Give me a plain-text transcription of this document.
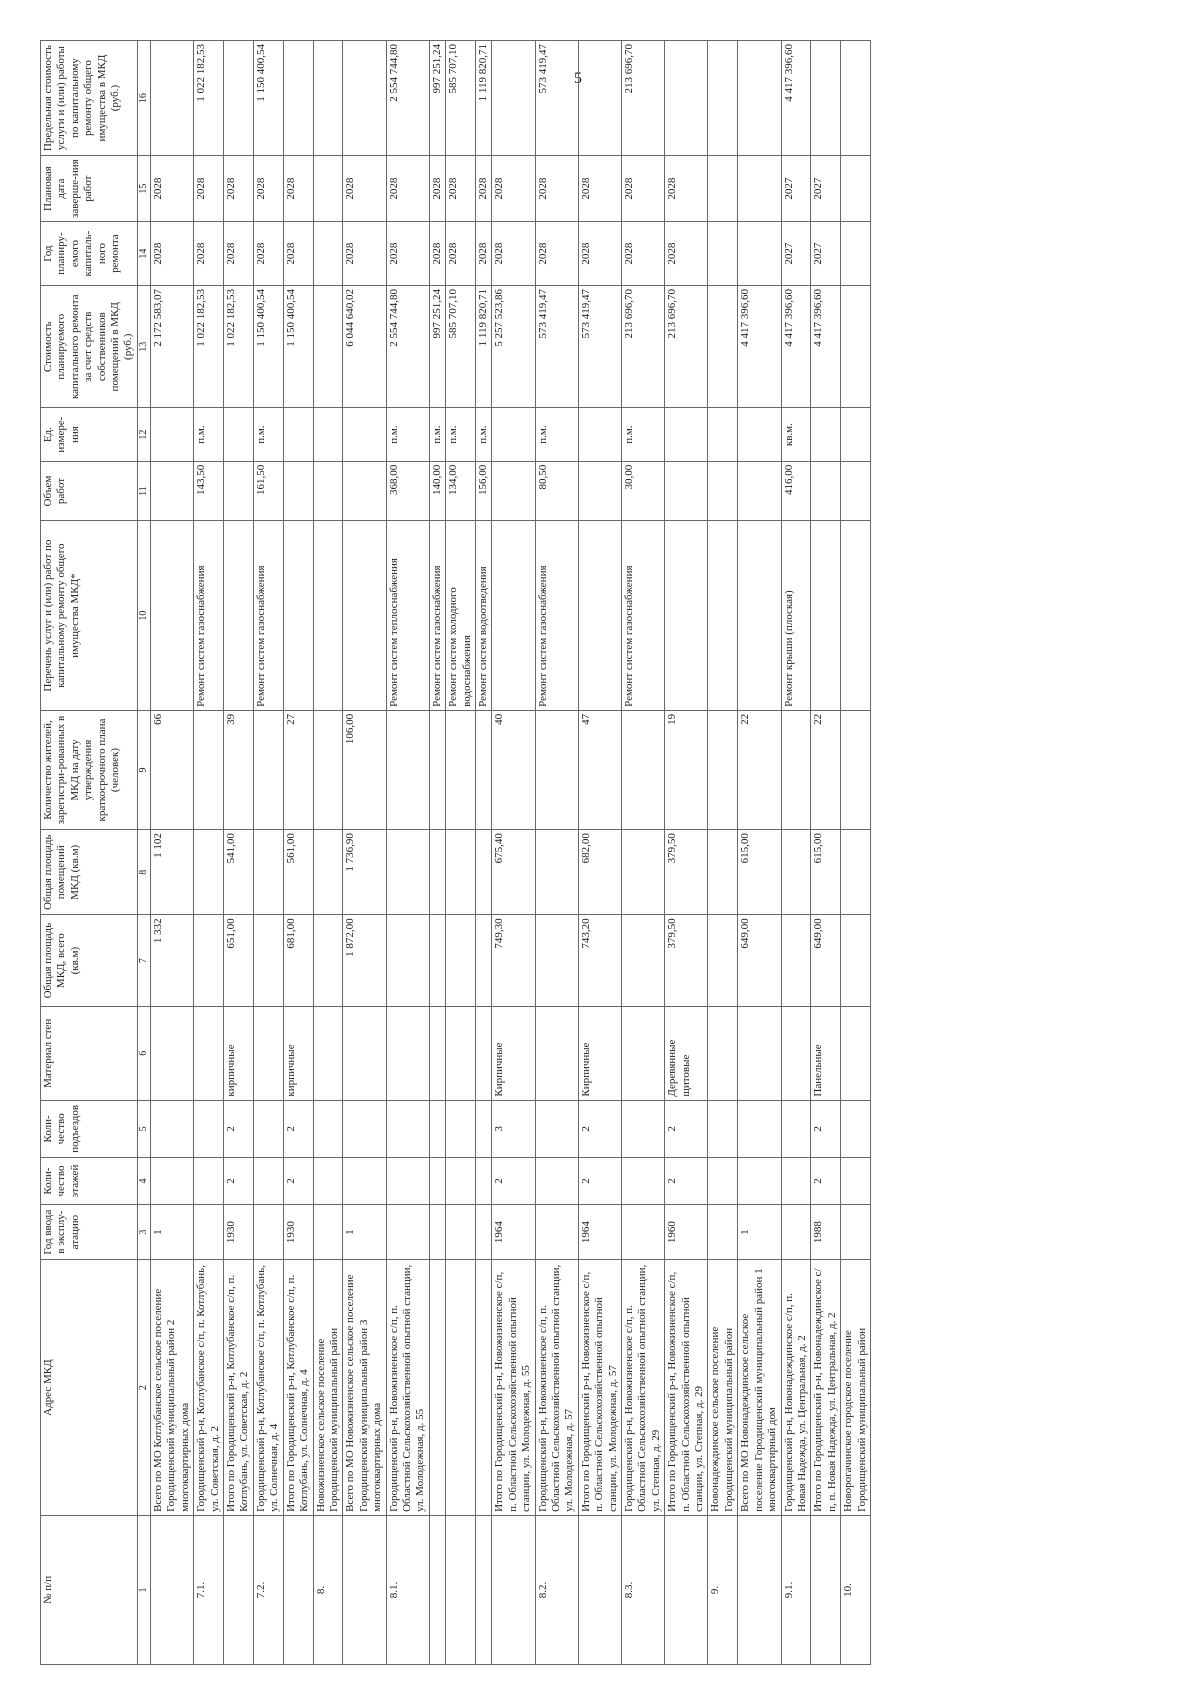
5
№ п/п	Адрес МКД	Год ввода в эксплу-атацию	Коли-чество этажей	Коли-чество подъездов	Материал стен	Общая площадь МКД, всего (кв.м)	Общая площадь помещений МКД (кв.м)	Количество жителей, зарегистри-рованных в МКД на дату утверждения краткосрочного плана (человек)	Перечень услуг и (или) работ по капитальному ремонту общего имущества МКД*	Объем работ	Ед. измере-ния	Стоимость планируемого капитального ремонта за счет средств собственников помещений в МКД (руб.)	Год планиру-емого капиталь-ного ремонта	Плановая дата заверше-ния работ	Предельная стоимость услуги и (или) работы по капитальному ремонту общего имущества в МКД (руб.)
1	2	3	4	5	6	7	8	9	10	11	12	13	14	15	16
	Всего по МО Котлубанское сельское поселение Городищенский муниципальный район 2 многоквартирных дома	1				1 332	1 102	66				2 172 583,07	2028	2028	
7.1.	Городищенский р-н, Котлубанское с/п, п. Котлубань, ул. Советская, д. 2								Ремонт систем газоснабжения	143,50	п.м.	1 022 182,53	2028	2028	1 022 182,53
	Итого по Городищенский р-н, Котлубанское с/п, п. Котлубань, ул. Советская, д. 2	1930	2	2	кирпичные	651,00	541,00	39				1 022 182,53	2028	2028	
7.2.	Городищенский р-н, Котлубанское с/п, п. Котлубань, ул. Солнечная, д. 4								Ремонт систем газоснабжения	161,50	п.м.	1 150 400,54	2028	2028	1 150 400,54
	Итого по Городищенский р-н, Котлубанское с/п, п. Котлубань, ул. Солнечная, д. 4	1930	2	2	кирпичные	681,00	561,00	27				1 150 400,54	2028	2028	
8.	Новожизненское сельское поселение Городищенский муниципальный район														
	Всего по МО Новожизненское сельское поселение Городищенский муниципальный район 3 многоквартирных дома	1				1 872,00	1 736,90	106,00				6 044 640,02	2028	2028	
8.1.	Городищенский р-н, Новожизненское с/п, п. Областной Сельскохозяйственной опытной станции, ул. Молодежная, д. 55								Ремонт систем теплоснабжения	368,00	п.м.	2 554 744,80	2028	2028	2 554 744,80
									Ремонт систем газоснабжения	140,00	п.м.	997 251,24	2028	2028	997 251,24
									Ремонт систем холодного водоснабжения	134,00	п.м.	585 707,10	2028	2028	585 707,10
									Ремонт систем водоотведения	156,00	п.м.	1 119 820,71	2028	2028	1 119 820,71
	Итого по Городищенский р-н, Новожизненское с/п, п. Областной Сельскохозяйственной опытной станции, ул. Молодежная, д. 55	1964	2	3	Кирпичные	749,30	675,40	40				5 257 523,86	2028	2028	
8.2.	Городищенский р-н, Новожизненское с/п, п. Областной Сельскохозяйственной опытной станции, ул. Молодежная, д. 57								Ремонт систем газоснабжения	80,50	п.м.	573 419,47	2028	2028	573 419,47
	Итого по Городищенский р-н, Новожизненское с/п, п. Областной Сельскохозяйственной опытной станции, ул. Молодежная, д. 57	1964	2	2	Кирпичные	743,20	682,00	47				573 419,47	2028	2028	
8.3.	Городищенский р-н, Новожизненское с/п, п. Областной Сельскохозяйственной опытной станции, ул. Степная, д. 29								Ремонт систем газоснабжения	30,00	п.м.	213 696,70	2028	2028	213 696,70
	Итого по Городищенский р-н, Новожизненское с/п, п. Областной Сельскохозяйственной опытной станции, ул. Степная, д. 29	1960	2	2	Деревянные щитовые	379,50	379,50	19				213 696,70	2028	2028	
9.	Новонадеждинское сельское поселение Городищенский муниципальный район														
	Всего по МО Новонадеждинское сельское поселение Городищенский муниципальный район 1 многоквартирный дом	1				649,00	615,00	22				4 417 396,60			
9.1.	Городищенский р-н, Новонадеждинское с/п, п. Новая Надежда, ул. Центральная, д. 2								Ремонт крыши (плоская)	416,00	кв.м.	4 417 396,60	2027	2027	4 417 396,60
	Итого по Городищенский р-н, Новонадеждинское с/п, п. Новая Надежда, ул. Центральная, д. 2	1988	2	2	Панельные	649,00	615,00	22				4 417 396,60	2027	2027	
10.	Новорогачинское городское поселение Городищенский муниципальный район														
